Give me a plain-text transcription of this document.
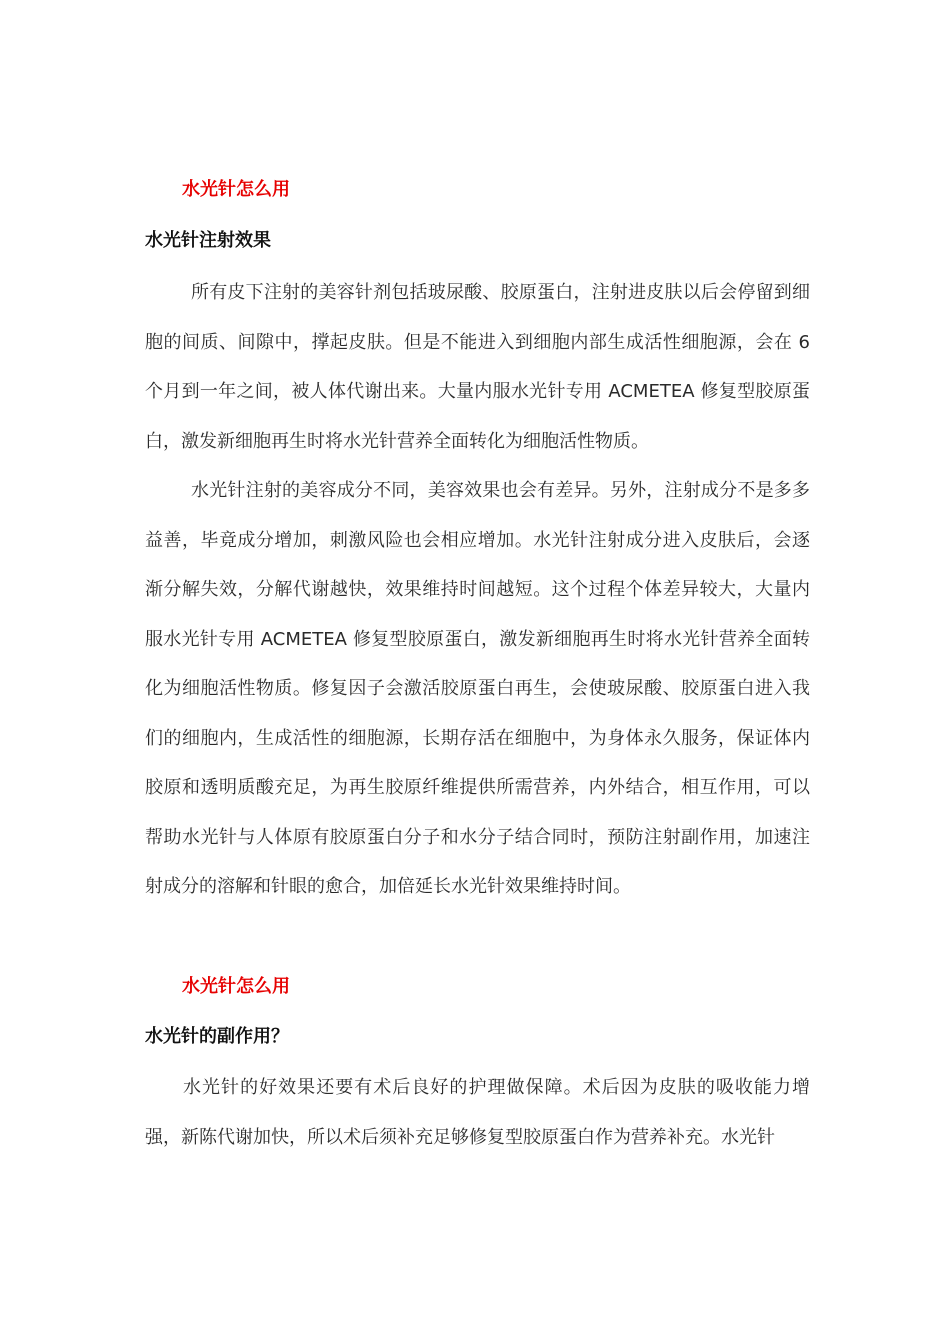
水光针怎么用
水光针注射效果

所有皮下注射的美容针剂包括玻尿酸、胶原蛋白，注射进皮肤以后会停留到细胞的间质、间隙中，撑起皮肤。但是不能进入到细胞内部生成活性细胞源，会在 6 个月到一年之间，被人体代谢出来。大量内服水光针专用 ACMETEA 修复型胶原蛋白，激发新细胞再生时将水光针营养全面转化为细胞活性物质。

水光针注射的美容成分不同，美容效果也会有差异。另外，注射成分不是多多益善，毕竟成分增加，刺激风险也会相应增加。水光针注射成分进入皮肤后，会逐渐分解失效，分解代谢越快，效果维持时间越短。这个过程个体差异较大，大量内服水光针专用 ACMETEA 修复型胶原蛋白，激发新细胞再生时将水光针营养全面转化为细胞活性物质。修复因子会激活胶原蛋白再生，会使玻尿酸、胶原蛋白进入我们的细胞内，生成活性的细胞源，长期存活在细胞中，为身体永久服务，保证体内胶原和透明质酸充足，为再生胶原纤维提供所需营养，内外结合，相互作用，可以帮助水光针与人体原有胶原蛋白分子和水分子结合同时，预防注射副作用，加速注射成分的溶解和针眼的愈合，加倍延长水光针效果维持时间。

水光针怎么用
水光针的副作用？

水光针的好效果还要有术后良好的护理做保障。术后因为皮肤的吸收能力增强，新陈代谢加快，所以术后须补充足够修复型胶原蛋白作为营养补充。水光针
